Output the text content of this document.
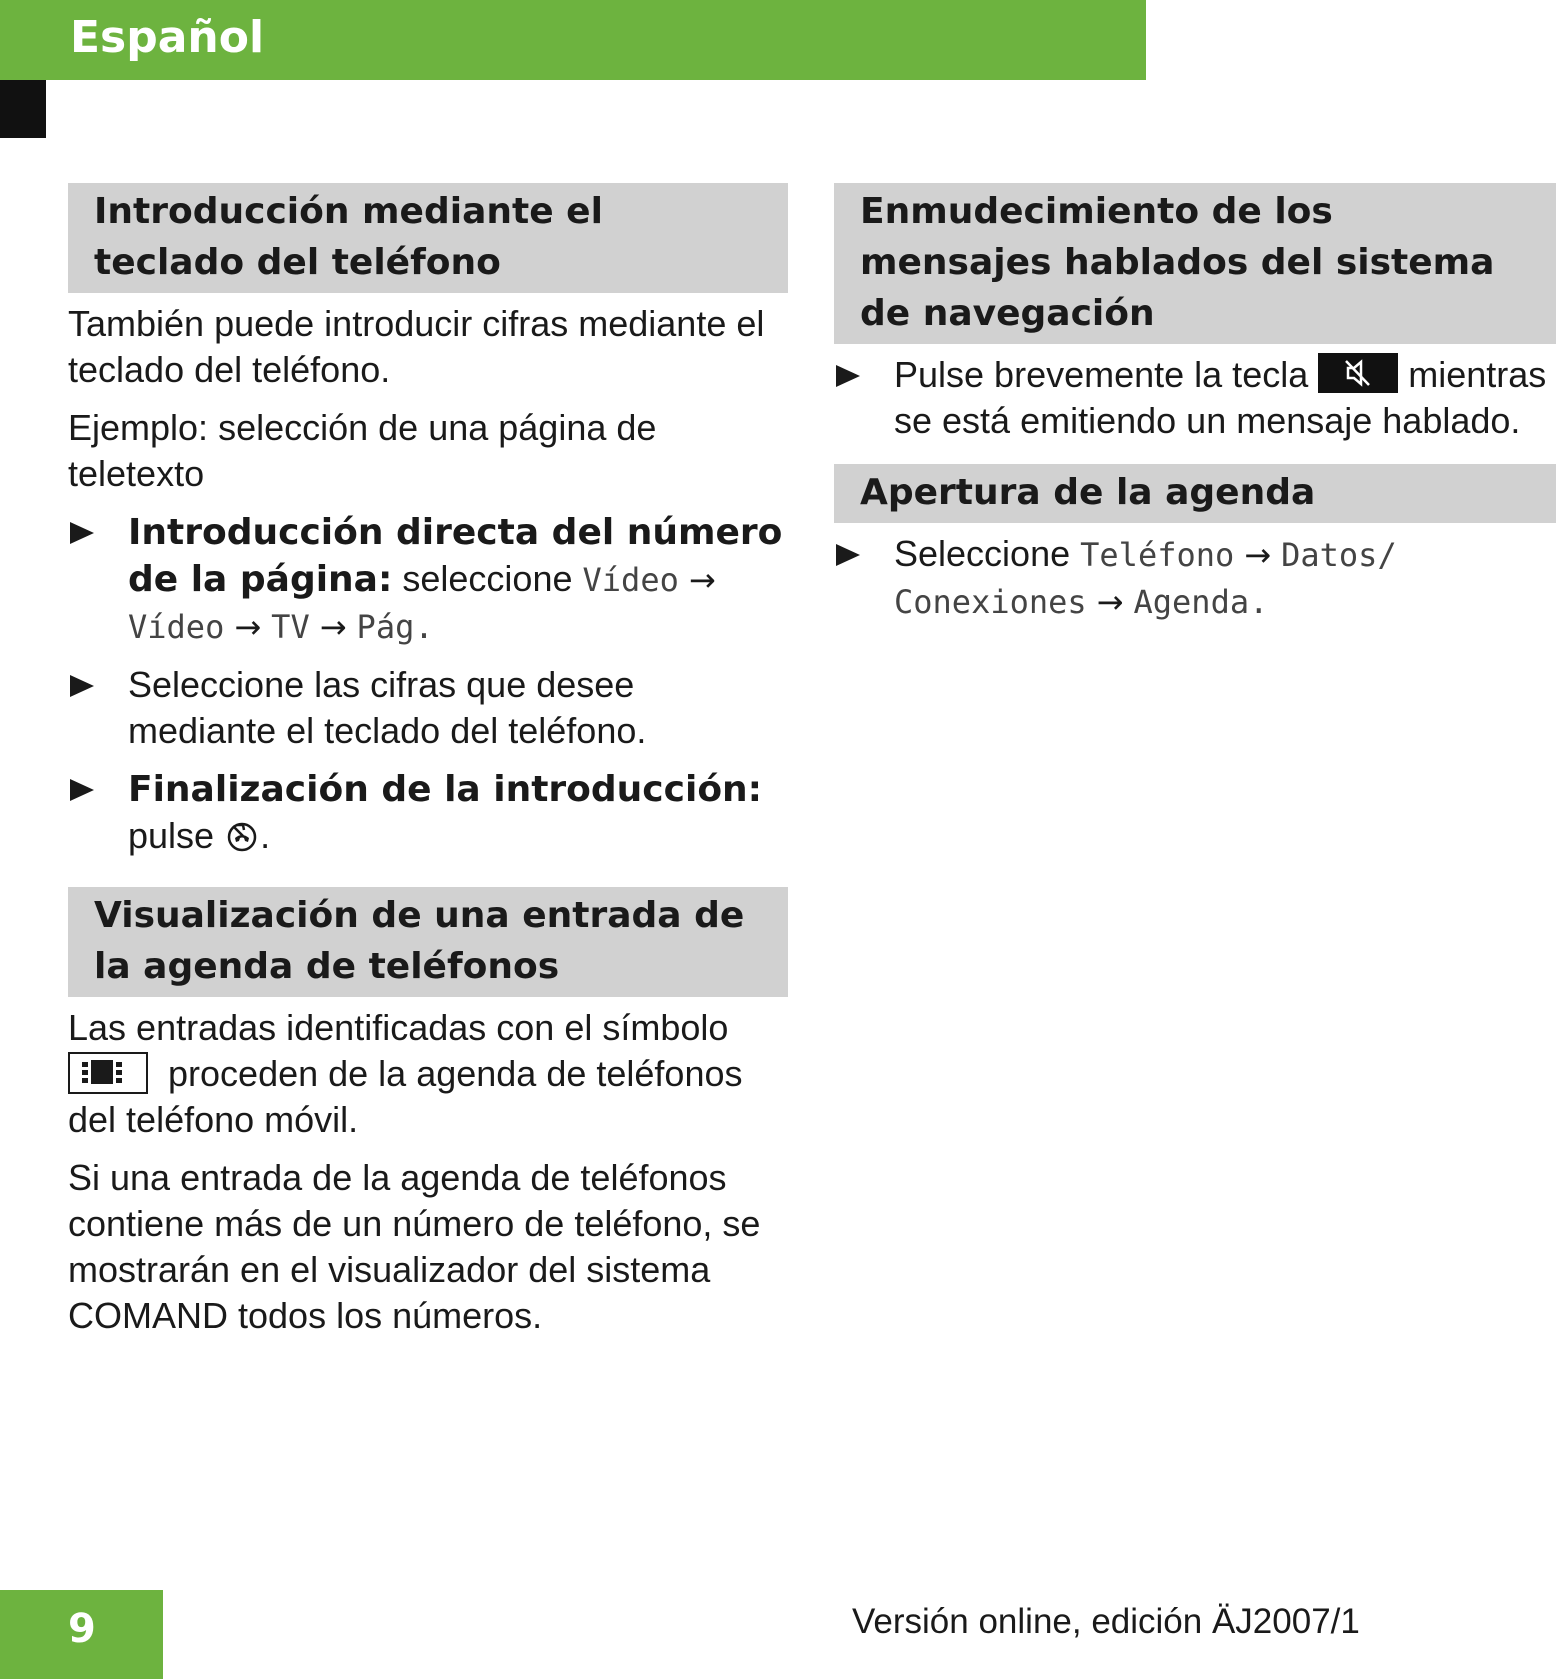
Español
Introducción mediante el teclado del teléfono

También puede introducir cifras mediante el teclado del teléfono.

Ejemplo: selección de una página de teletexto

Introducción directa del número de la página: seleccione Vídeo → Vídeo → TV → Pág.
Seleccione las cifras que desee mediante el teclado del teléfono.
Finalización de la introducción:
pulse .
Visualización de una entrada de la agenda de teléfonos

Las entradas identificadas con el símbolo
proceden de la agenda de teléfonos del teléfono móvil.

Si una entrada de la agenda de teléfonos contiene más de un número de teléfono, se mostrarán en el visualizador del sistema COMAND todos los números.

Enmudecimiento de los mensajes hablados del sistema de navegación
Pulse brevemente la tecla	mientras se está emitiendo un mensaje hablado.
Apertura de la agenda
Seleccione Teléfono → Datos/ Conexiones → Agenda.

9	Versión online, edición ÄJ2007/1
